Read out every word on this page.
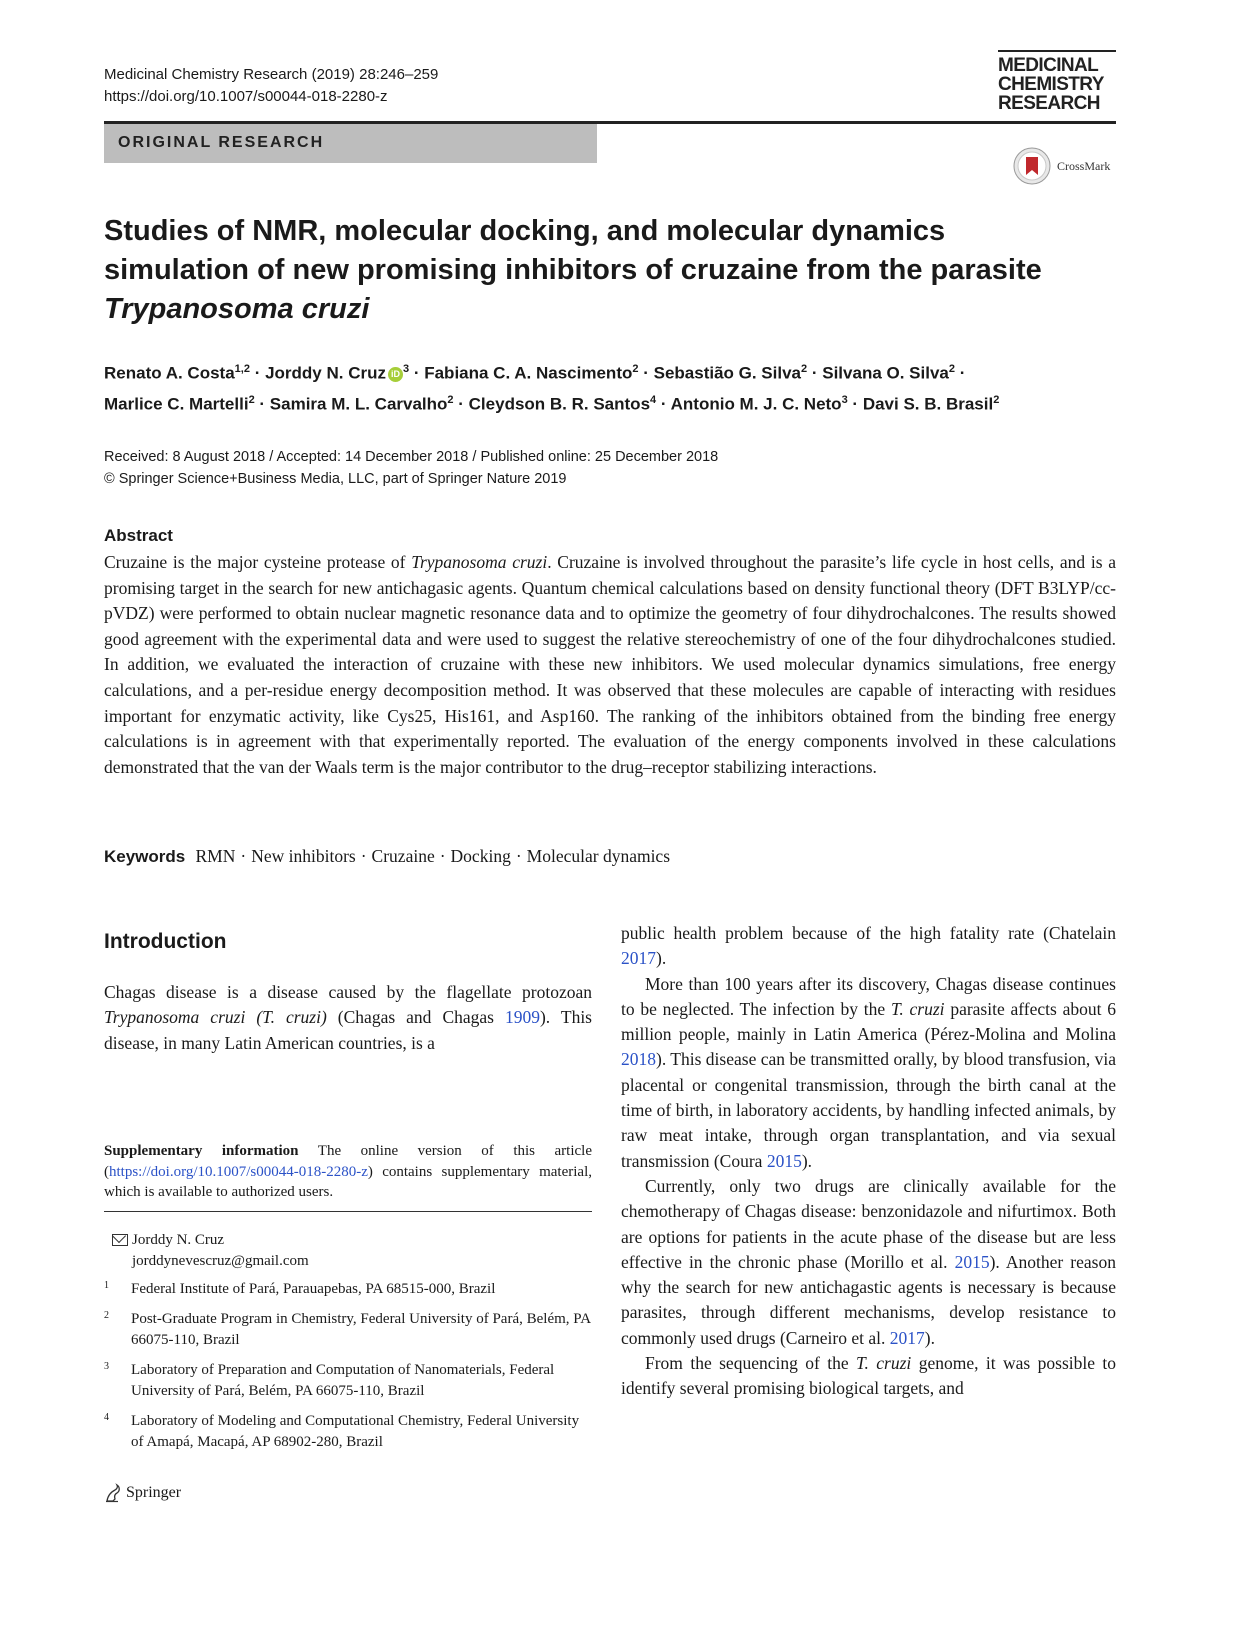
Medicinal Chemistry Research (2019) 28:246–259
https://doi.org/10.1007/s00044-018-2280-z
MEDICINAL
CHEMISTRY
RESEARCH
ORIGINAL RESEARCH
CrossMark
Studies of NMR, molecular docking, and molecular dynamics
simulation of new promising inhibitors of cruzaine from the parasite
Trypanosoma cruzi
Renato A. Costa$^{1,2}$ · Jorddy N. Cruz iD $^3$ · Fabiana C. A. Nascimento$^2$ · Sebastião G. Silva$^2$ · Silvana O. Silva$^2$ ·
Marlice C. Martelli$^2$ · Samira M. L. Carvalho$^2$ · Cleydson B. R. Santos$^4$ · Antonio M. J. C. Neto$^3$ · Davi S. B. Brasil$^2$
Received: 8 August 2018 / Accepted: 14 December 2018 / Published online: 25 December 2018
© Springer Science+Business Media, LLC, part of Springer Nature 2019
Abstract
Cruzaine is the major cysteine protease of Trypanosoma cruzi. Cruzaine is involved throughout the parasite’s life cycle in host cells, and is a promising target in the search for new antichagasic agents. Quantum chemical calculations based on density functional theory (DFT B3LYP/cc-pVDZ) were performed to obtain nuclear magnetic resonance data and to optimize the geometry of four dihydrochalcones. The results showed good agreement with the experimental data and were used to suggest the relative stereochemistry of one of the four dihydrochalcones studied. In addition, we evaluated the interaction of cruzaine with these new inhibitors. We used molecular dynamics simulations, free energy calculations, and a per-residue energy decomposition method. It was observed that these molecules are capable of interacting with residues important for enzymatic activity, like Cys25, His161, and Asp160. The ranking of the inhibitors obtained from the binding free energy calculations is in agreement with that experimentally reported. The evaluation of the energy components involved in these calculations demonstrated that the van der Waals term is the major contributor to the drug–receptor stabilizing interactions.
Keywords RMN · New inhibitors · Cruzaine · Docking · Molecular dynamics
Introduction
Chagas disease is a disease caused by the flagellate protozoan Trypanosoma cruzi (T. cruzi) (Chagas and Chagas 1909). This disease, in many Latin American countries, is a
Supplementary information The online version of this article (https://doi.org/10.1007/s00044-018-2280-z) contains supplementary material, which is available to authorized users.
Jorddy N. Cruz
jorddynevescruz@gmail.com
1 Federal Institute of Pará, Parauapebas, PA 68515-000, Brazil
2 Post-Graduate Program in Chemistry, Federal University of Pará, Belém, PA 66075-110, Brazil
3 Laboratory of Preparation and Computation of Nanomaterials, Federal University of Pará, Belém, PA 66075-110, Brazil
4 Laboratory of Modeling and Computational Chemistry, Federal University of Amapá, Macapá, AP 68902-280, Brazil

public health problem because of the high fatality rate (Chatelain 2017).

More than 100 years after its discovery, Chagas disease continues to be neglected. The infection by the T. cruzi parasite affects about 6 million people, mainly in Latin America (Pérez-Molina and Molina 2018). This disease can be transmitted orally, by blood transfusion, via placental or congenital transmission, through the birth canal at the time of birth, in laboratory accidents, by handling infected animals, by raw meat intake, through organ transplantation, and via sexual transmission (Coura 2015).

Currently, only two drugs are clinically available for the chemotherapy of Chagas disease: benzonidazole and nifurtimox. Both are options for patients in the acute phase of the disease but are less effective in the chronic phase (Morillo et al. 2015). Another reason why the search for new antichagastic agents is necessary is because parasites, through different mechanisms, develop resistance to commonly used drugs (Carneiro et al. 2017).

From the sequencing of the T. cruzi genome, it was possible to identify several promising biological targets, and

Springer
